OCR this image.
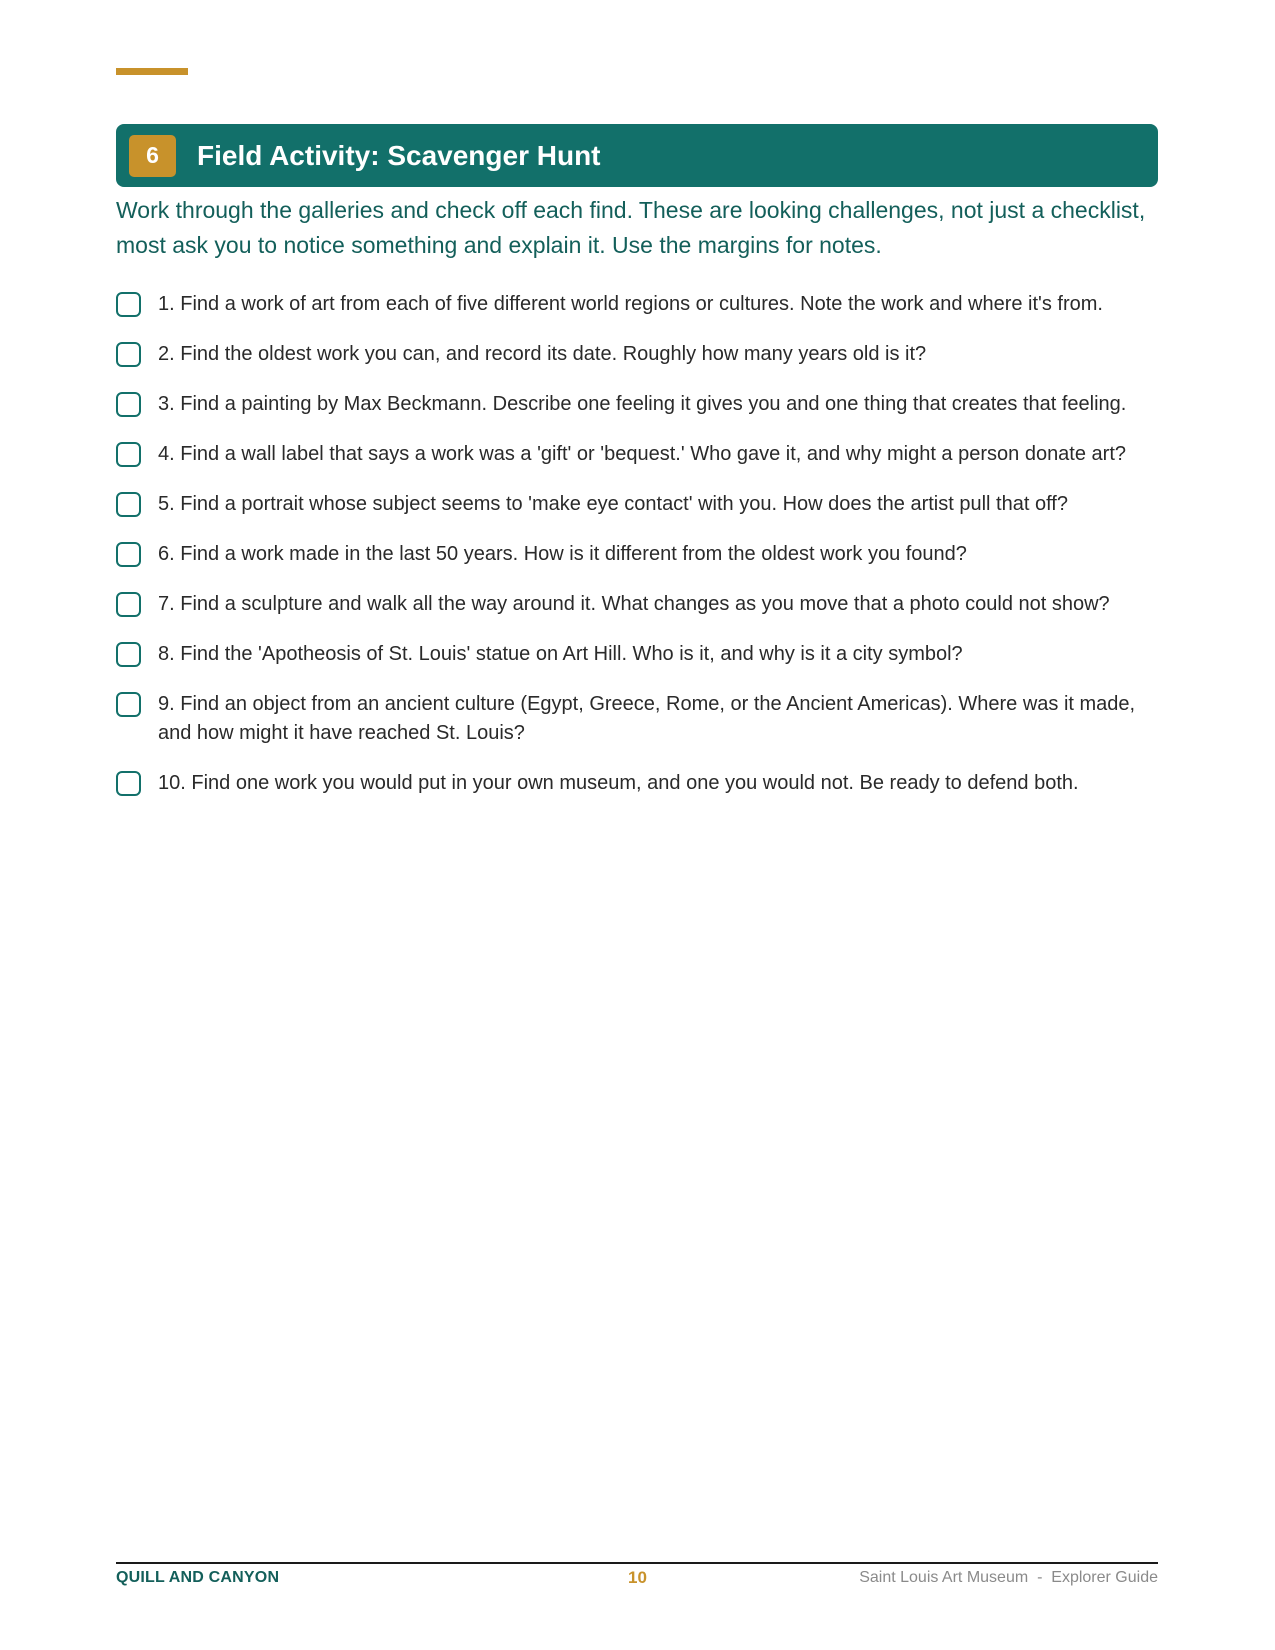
6	Field Activity: Scavenger Hunt

Work through the galleries and check off each find. These are looking challenges, not just a checklist, most ask you to notice something and explain it. Use the margins for notes.

1. Find a work of art from each of five different world regions or cultures. Note the work and where it's from.
2. Find the oldest work you can, and record its date. Roughly how many years old is it?
3. Find a painting by Max Beckmann. Describe one feeling it gives you and one thing that creates that feeling.
4. Find a wall label that says a work was a 'gift' or 'bequest.' Who gave it, and why might a person donate art?
5. Find a portrait whose subject seems to 'make eye contact' with you. How does the artist pull that off?
6. Find a work made in the last 50 years. How is it different from the oldest work you found?
7. Find a sculpture and walk all the way around it. What changes as you move that a photo could not show?
8. Find the 'Apotheosis of St. Louis' statue on Art Hill. Who is it, and why is it a city symbol?
9. Find an object from an ancient culture (Egypt, Greece, Rome, or the Ancient Americas). Where was it made, and how might it have reached St. Louis?
10. Find one work you would put in your own museum, and one you would not. Be ready to defend both.
QUILL AND CANYON	10	Saint Louis Art Museum  -  Explorer Guide
